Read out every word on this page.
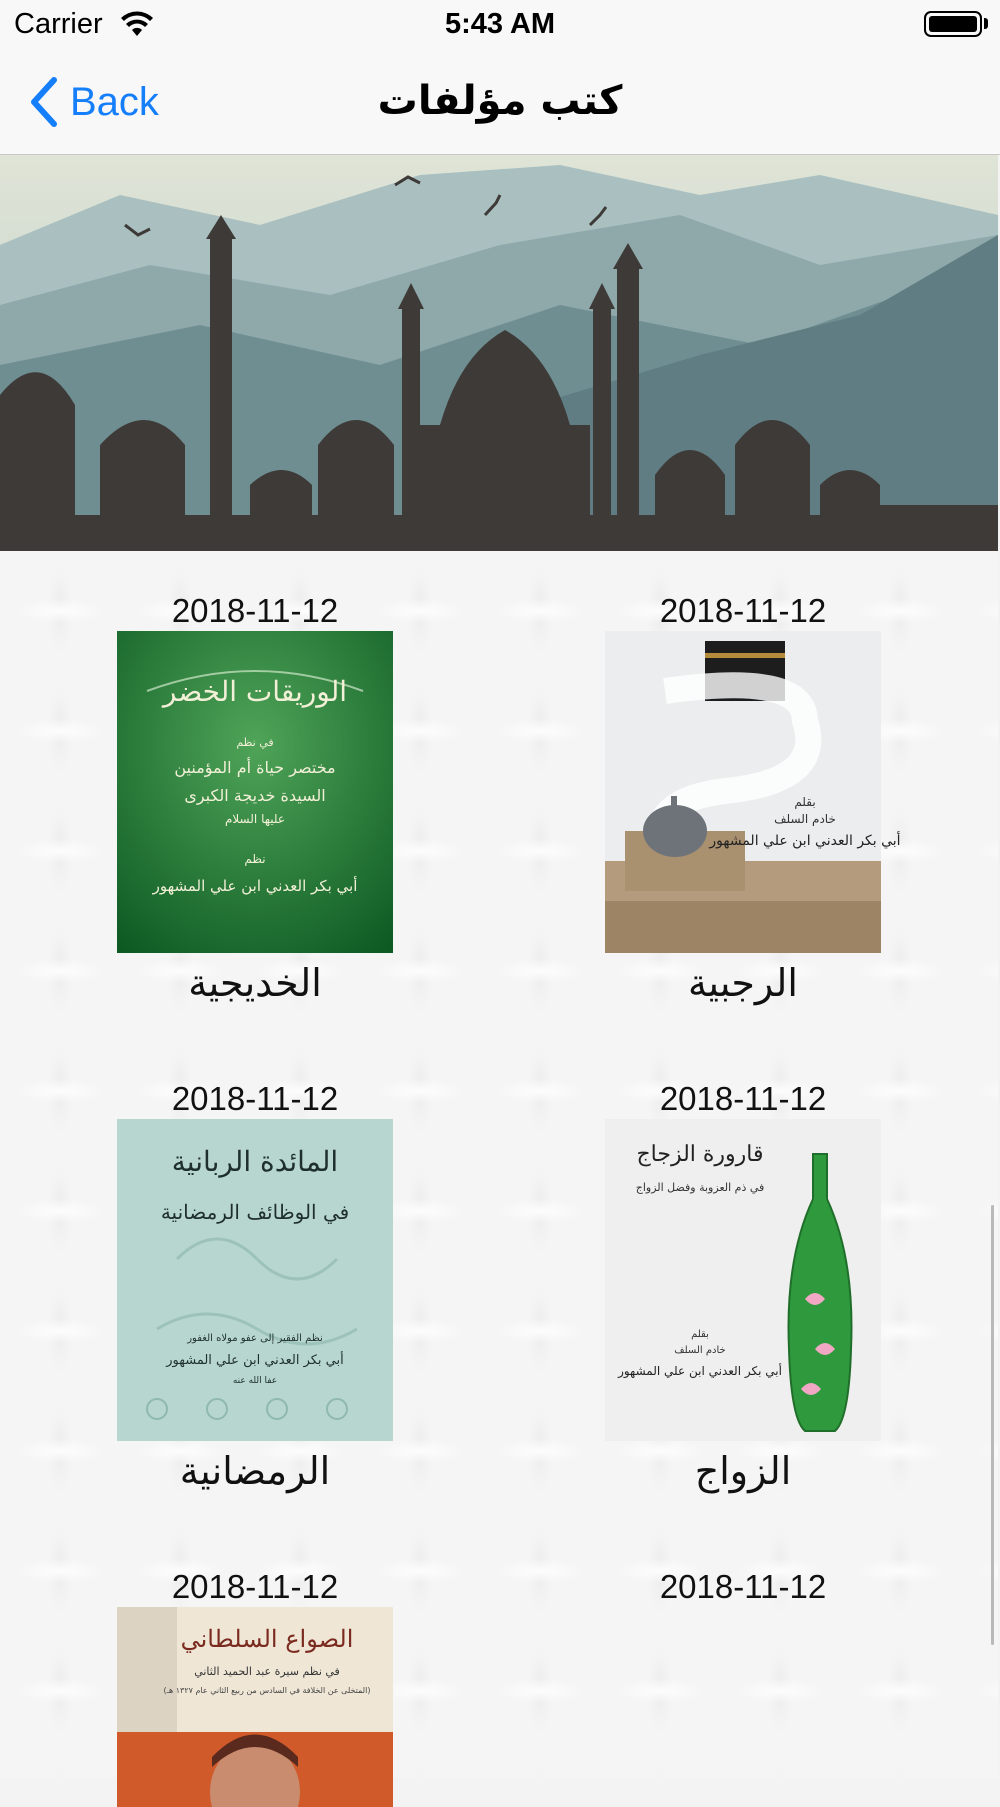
Carrier	5:43 AM
Back	كتب مؤلفات
2018-11-12
بقلم
خادم السلف
أبي بكر العدني ابن علي المشهور
الرجبية
2018-11-12
الوريقات الخضر
في نظم
مختصر حياة أم المؤمنين
السيدة خديجة الكبرى
عليها السلام
نظم
أبي بكر العدني ابن علي المشهور
الخديجية
2018-11-12
قارورة الزجاج
في ذم العزوبة وفضل الزواج
بقلم
خادم السلف
أبي بكر العدني ابن علي المشهور
الزواج
2018-11-12
المائدة الربانية
في الوظائف الرمضانية
نظم الفقير إلى عفو مولاه الغفور
أبي بكر العدني ابن علي المشهور
عفا الله عنه
الرمضانية
2018-11-12
2018-11-12
الصواع السلطاني
في نظم سيرة عبد الحميد الثاني
(المتخلى عن الخلافة في السادس من ربيع الثاني عام ١٣٢٧ هـ)
